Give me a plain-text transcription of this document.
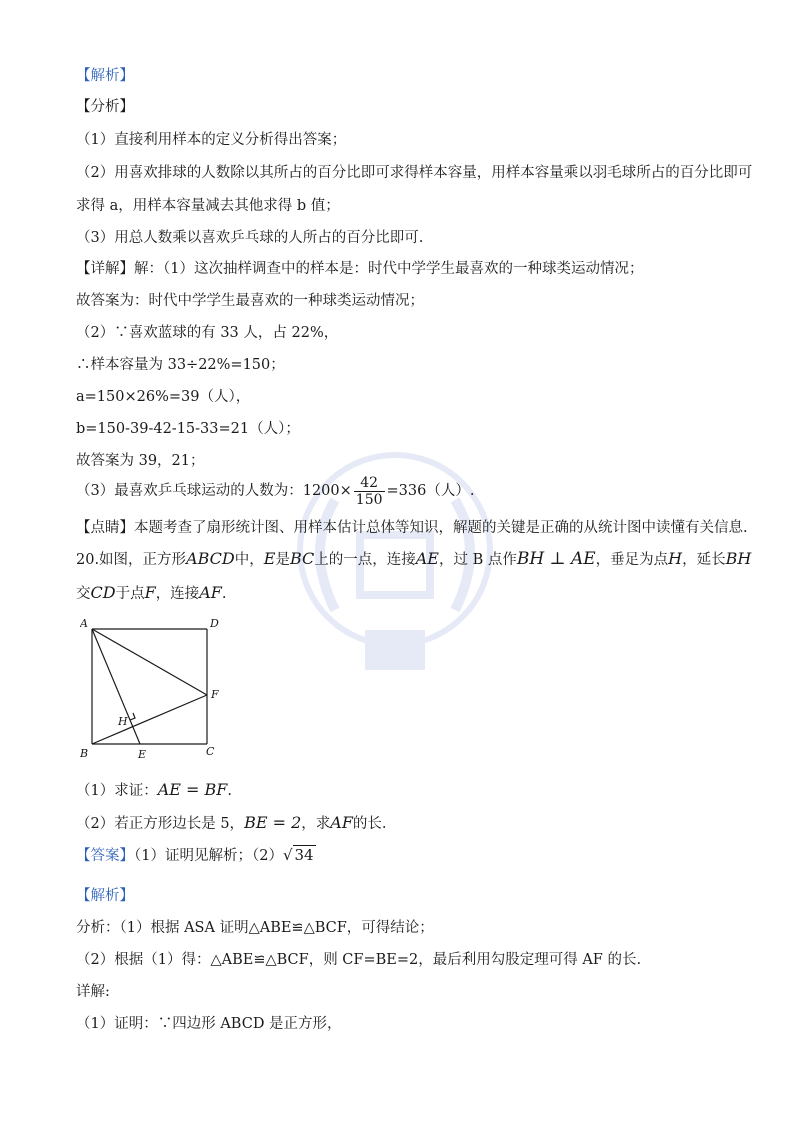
【解析】
【分析】
（1）直接利用样本的定义分析得出答案；
（2）用喜欢排球的人数除以其所占的百分比即可求得样本容量，用样本容量乘以羽毛球所占的百分比即可
求得 a，用样本容量减去其他求得 b 值；
（3）用总人数乘以喜欢乒乓球的人所占的百分比即可.
【详解】解：（1）这次抽样调查中的样本是：时代中学学生最喜欢的一种球类运动情况；
故答案为：时代中学学生最喜欢的一种球类运动情况；
（2）∵喜欢蓝球的有 33 人，占 22%，
∴样本容量为 33÷22%=150；
a=150×26%=39（人），
b=150-39-42-15-33=21（人）；
故答案为 39，21；
（3）最喜欢乒乓球运动的人数为：$1200\times \frac{42}{150} =336$（人）.
【点睛】本题考查了扇形统计图、用样本估计总体等知识，解题的关键是正确的从统计图中读懂有关信息.
20.如图，正方形ABCD中，E是BC上的一点，连接AE，过 B 点作BH ⊥ AE，垂足为点H，延长BH
交CD于点F，连接AF.
A	D
F
H
B	E	C
（1）求证：AE = BF.
（2）若正方形边长是 5，BE = 2，求AF的长.
【答案】（1）证明见解析；（2）√ 34
【解析】
分析：（1）根据 ASA 证明△ABE≌△BCF，可得结论；
（2）根据（1）得：△ABE≌△BCF，则 CF=BE=2，最后利用勾股定理可得 AF 的长.
详解:
（1）证明：∵四边形 ABCD 是正方形，
